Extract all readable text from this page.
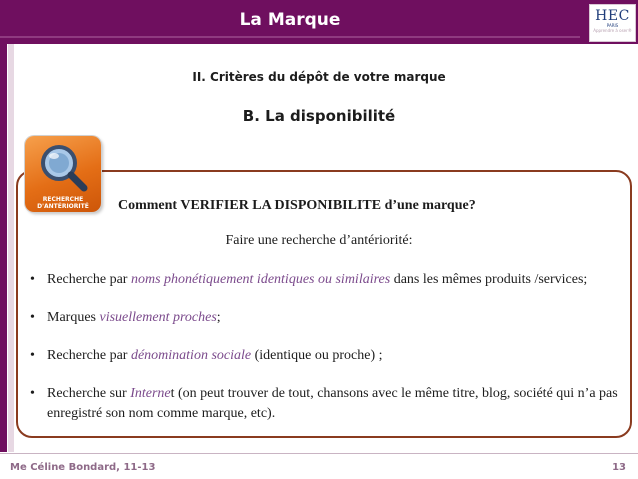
La Marque	HEC
PARIS
Apprendre à oser®
II. Critères du dépôt de votre marque
B. La disponibilité
RECHERCHE
D'ANTÉRIORITÉ	Comment VERIFIER LA DISPONIBILITE d’une marque?
Faire une recherche d’antériorité:
• Recherche par noms phonétiquement identiques ou similaires dans les mêmes produits /services;
• Marques visuellement proches;
• Recherche par dénomination sociale (identique ou proche) ;
• Recherche sur Internet (on peut trouver de tout, chansons avec le même titre, blog, société qui n’a pas enregistré son nom comme marque, etc).
Me Céline Bondard, 11-13	13
